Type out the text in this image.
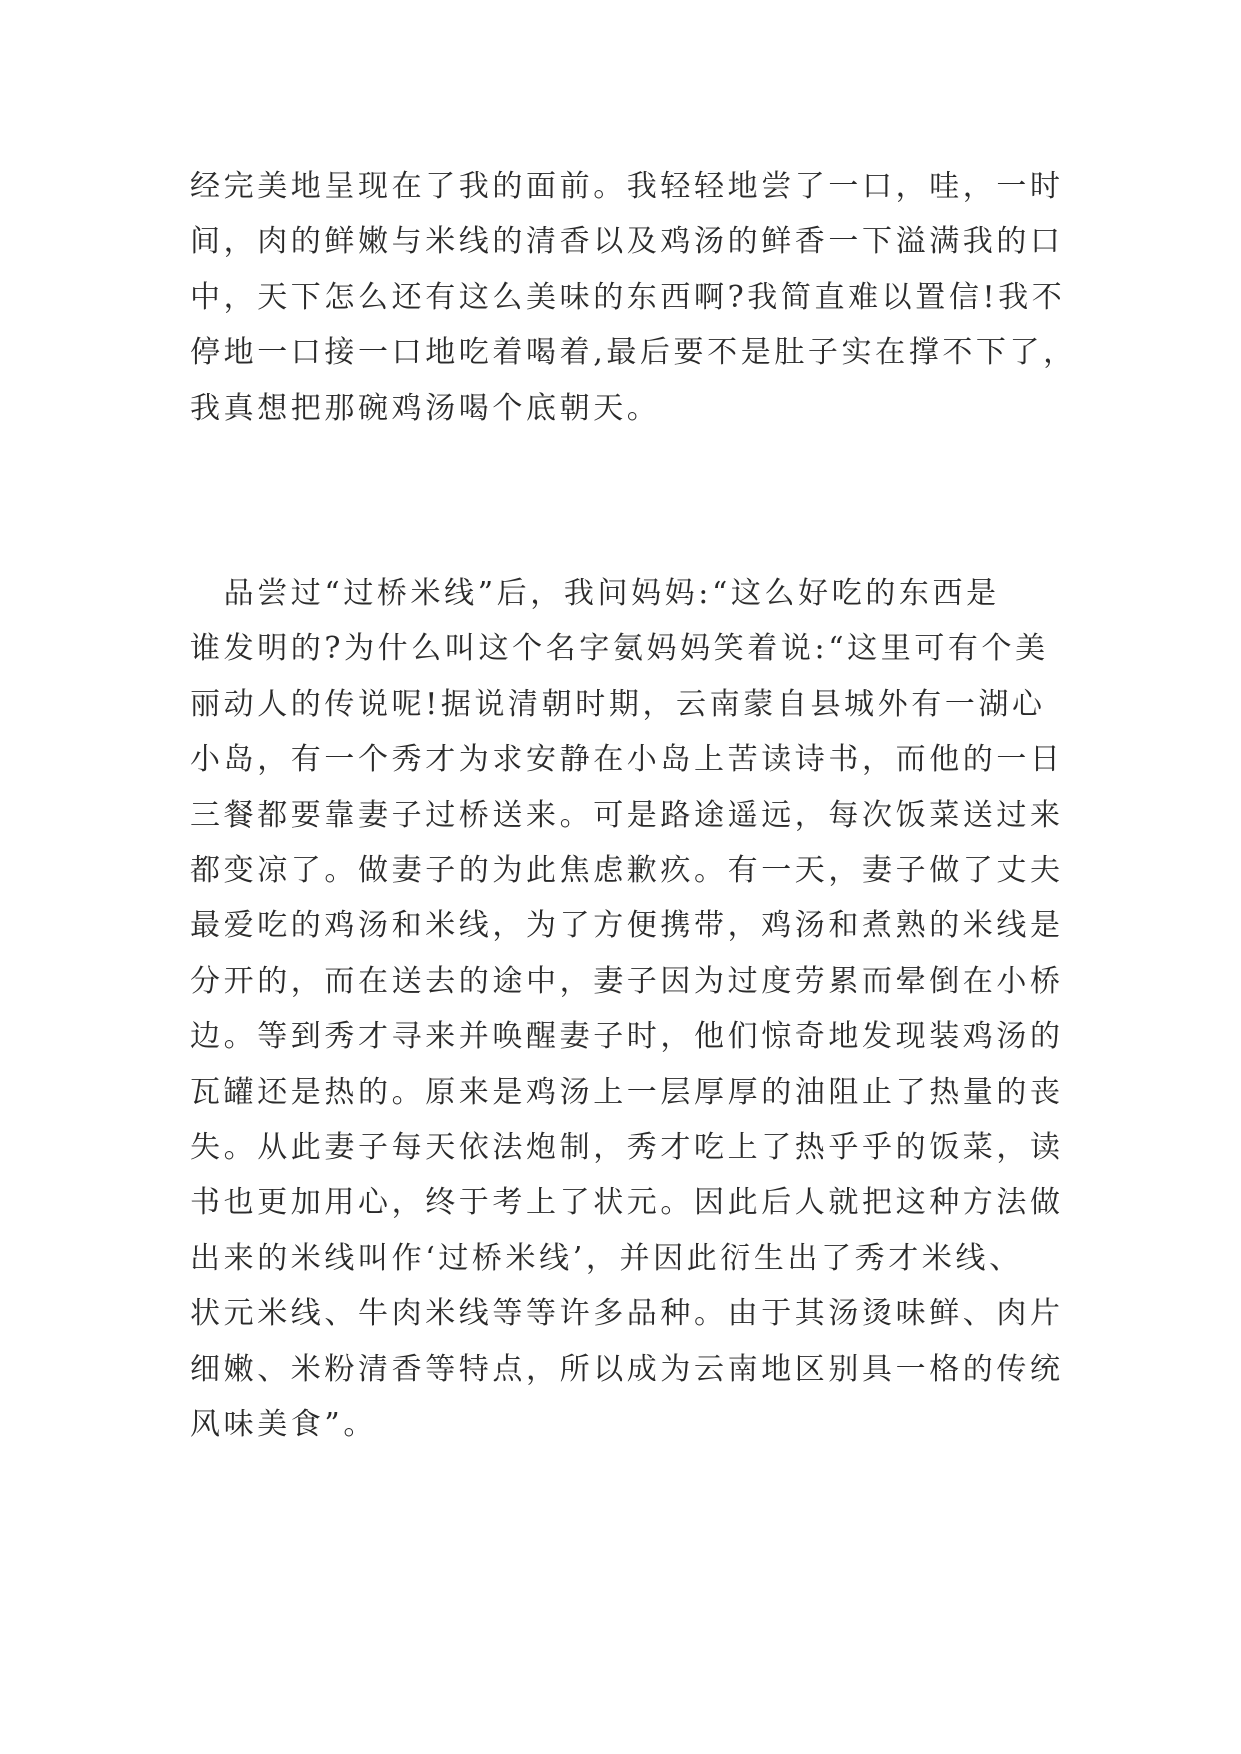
经完美地呈现在了我的面前。我轻轻地尝了一口，哇，一时
间，肉的鲜嫩与米线的清香以及鸡汤的鲜香一下溢满我的口
中，天下怎么还有这么美味的东西啊?我简直难以置信!我不
停地一口接一口地吃着喝着,最后要不是肚子实在撑不下了，
我真想把那碗鸡汤喝个底朝天。

　品尝过“过桥米线”后，我问妈妈:“这么好吃的东西是
谁发明的?为什么叫这个名字氨妈妈笑着说:“这里可有个美
丽动人的传说呢!据说清朝时期，云南蒙自县城外有一湖心
小岛，有一个秀才为求安静在小岛上苦读诗书，而他的一日
三餐都要靠妻子过桥送来。可是路途遥远，每次饭菜送过来
都变凉了。做妻子的为此焦虑歉疚。有一天，妻子做了丈夫
最爱吃的鸡汤和米线，为了方便携带，鸡汤和煮熟的米线是
分开的，而在送去的途中，妻子因为过度劳累而晕倒在小桥
边。等到秀才寻来并唤醒妻子时，他们惊奇地发现装鸡汤的
瓦罐还是热的。原来是鸡汤上一层厚厚的油阻止了热量的丧
失。从此妻子每天依法炮制，秀才吃上了热乎乎的饭菜，读
书也更加用心，终于考上了状元。因此后人就把这种方法做
出来的米线叫作‘过桥米线’，并因此衍生出了秀才米线、
状元米线、牛肉米线等等许多品种。由于其汤烫味鲜、肉片
细嫩、米粉清香等特点，所以成为云南地区别具一格的传统
风味美食”。
